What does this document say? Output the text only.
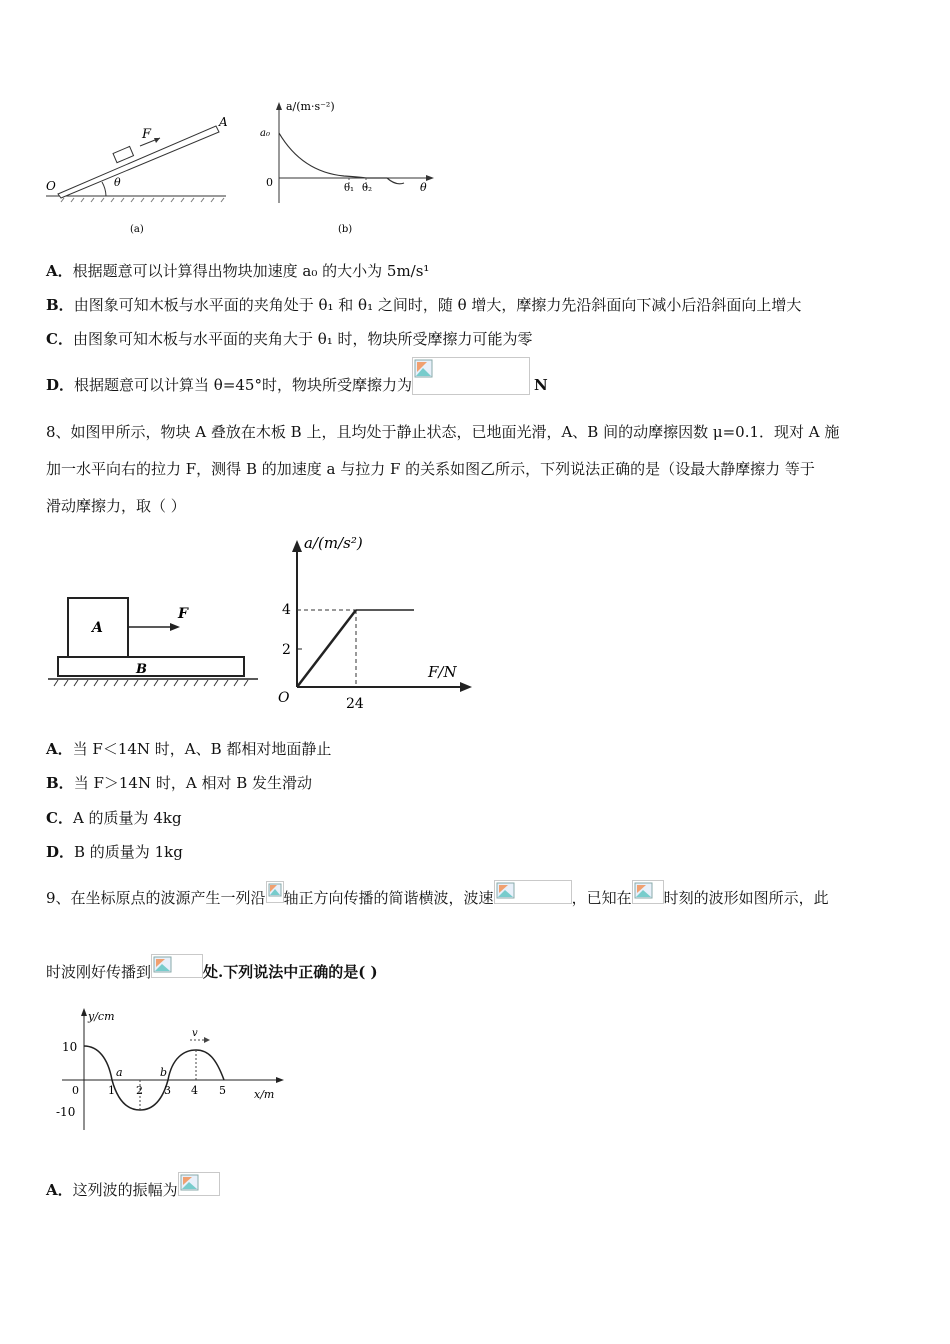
F
A
O	θ
(a)
a/(m·s⁻²)
a₀
0	θ₁ θ₂	θ
(b)
A．根据题意可以计算得出物块加速度 a₀ 的大小为 5m/s¹
B．由图象可知木板与水平面的夹角处于 θ₁ 和 θ₁ 之间时，随 θ 增大，摩擦力先沿斜面向下减小后沿斜面向上增大
C．由图象可知木板与水平面的夹角大于 θ₁ 时，物块所受摩擦力可能为零
D．根据题意可以计算当 θ=45°时，物块所受摩擦力为	N
8、如图甲所示，物块 A 叠放在木板 B 上，且均处于静止状态，已地面光滑，A、B 间的动摩擦因数 μ=0.1．现对 A 施
加一水平向右的拉力 F，测得 B 的加速度 a 与拉力 F 的关系如图乙所示，下列说法正确的是（设最大静摩擦力 等于
滑动摩擦力，取（ ）
A
B
F
a/(m/s²)
4
2
O	24
F/N
A．当 F＜14N 时，A、B 都相对地面静止
B．当 F＞14N 时，A 相对 B 发生滑动
C．A 的质量为 4kg
D．B 的质量为 1kg
9、在坐标原点的波源产生一列沿 轴正方向传播的简谐横波，波速	，已知在 时刻的波形如图所示，此
时波刚好传播到	处.下列说法中正确的是( )
y/cm
10
-10
0	1 2 3 4 5	x/m
a	b
v
A．这列波的振幅为
